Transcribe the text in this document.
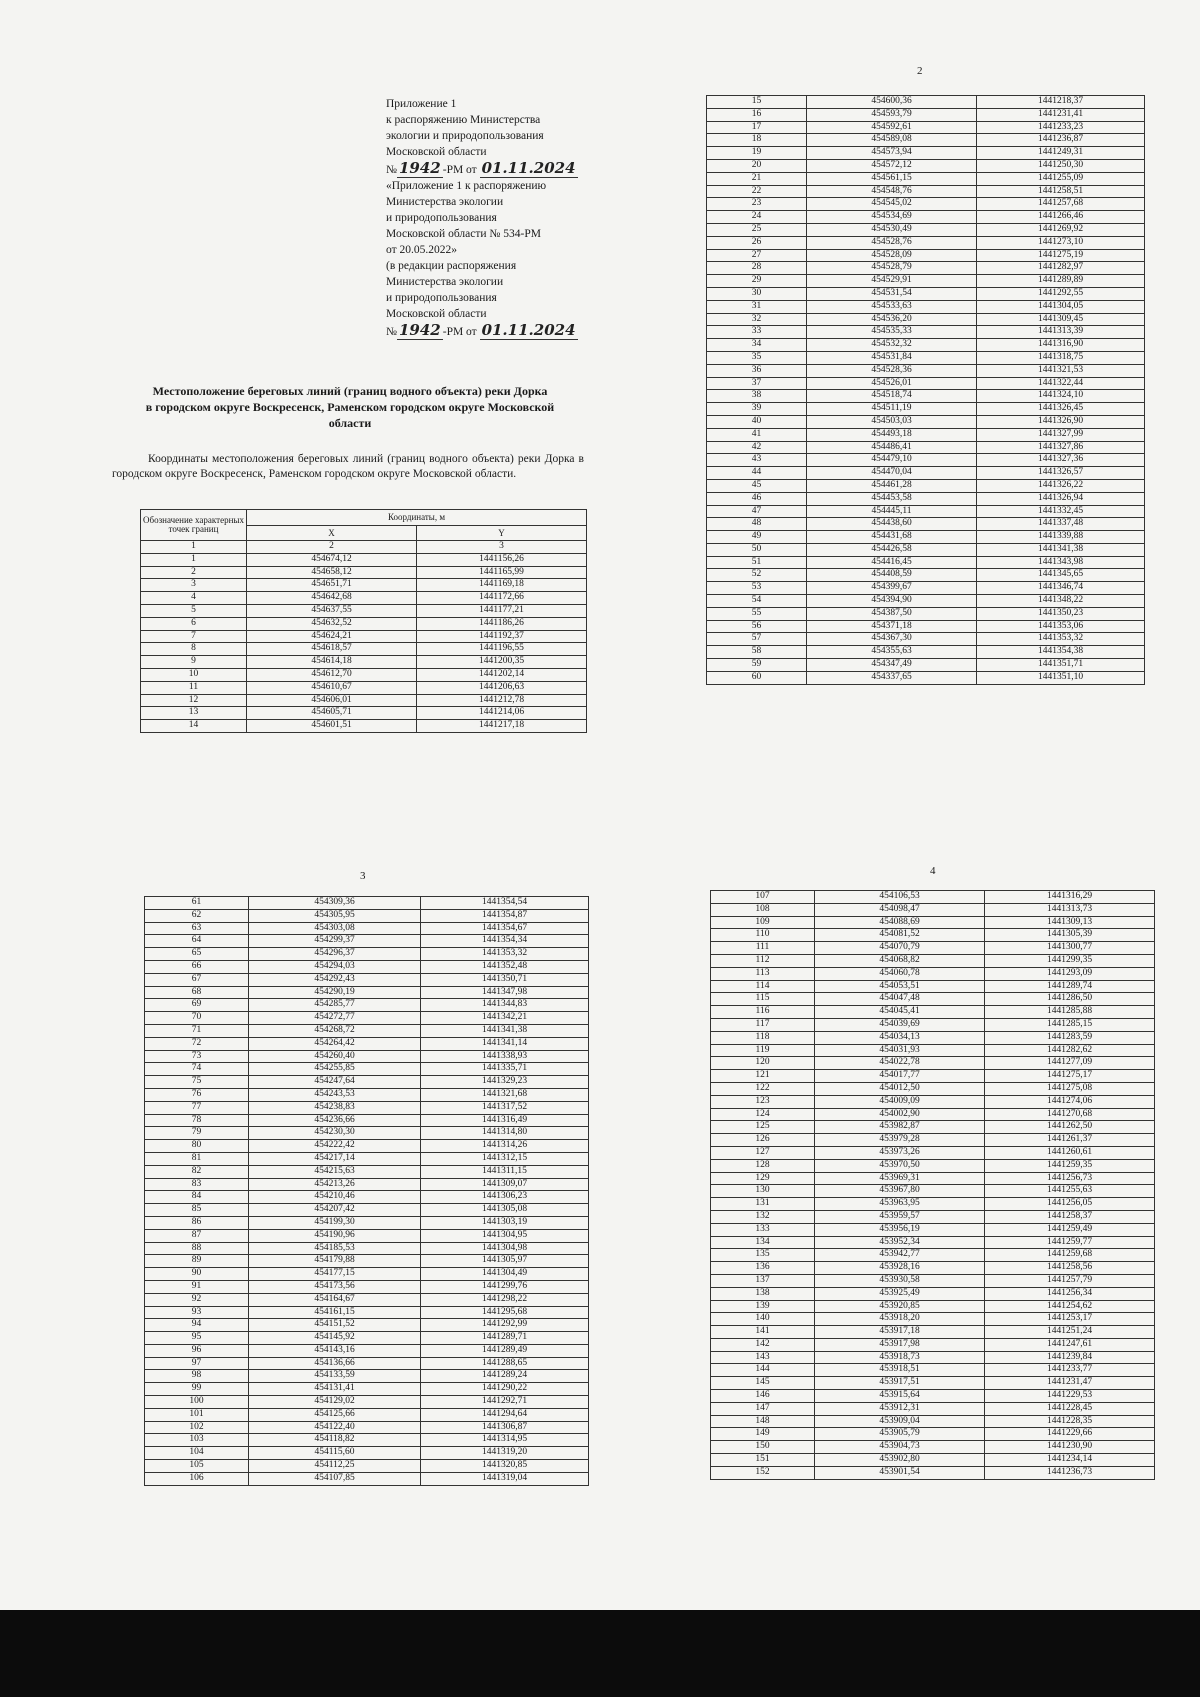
Приложение 1
к распоряжению Министерства
экологии и природопользования
Московской области
№ 1942 -РМ от 01.11.2024
«Приложение 1 к распоряжению
Министерства экологии
и природопользования
Московской области № 534-РМ
от 20.05.2022»
(в редакции распоряжения
Министерства экологии
и природопользования
Московской области
№ 1942 -РМ от 01.11.2024
Местоположение береговых линий (границ водного объекта) реки Дорка
в городском округе Воскресенск, Раменском городском округе Московской
области
Координаты местоположения береговых линий (границ водного объекта) реки Дорка в городском округе Воскресенск, Раменском городском округе Московской области.
Обозначение характерных точек границ	Координаты, м	
	X	Y
1	2	3
1	454674,12	1441156,26
2	454658,12	1441165,99
3	454651,71	1441169,18
4	454642,68	1441172,66
5	454637,55	1441177,21
6	454632,52	1441186,26
7	454624,21	1441192,37
8	454618,57	1441196,55
9	454614,18	1441200,35
10	454612,70	1441202,14
11	454610,67	1441206,63
12	454606,01	1441212,78
13	454605,71	1441214,06
14	454601,51	1441217,18
2
15	454600,36	1441218,37
16	454593,79	1441231,41
17	454592,61	1441233,23
18	454589,08	1441236,87
19	454573,94	1441249,31
20	454572,12	1441250,30
21	454561,15	1441255,09
22	454548,76	1441258,51
23	454545,02	1441257,68
24	454534,69	1441266,46
25	454530,49	1441269,92
26	454528,76	1441273,10
27	454528,09	1441275,19
28	454528,79	1441282,97
29	454529,91	1441289,89
30	454531,54	1441292,55
31	454533,63	1441304,05
32	454536,20	1441309,45
33	454535,33	1441313,39
34	454532,32	1441316,90
35	454531,84	1441318,75
36	454528,36	1441321,53
37	454526,01	1441322,44
38	454518,74	1441324,10
39	454511,19	1441326,45
40	454503,03	1441326,90
41	454493,18	1441327,99
42	454486,41	1441327,86
43	454479,10	1441327,36
44	454470,04	1441326,57
45	454461,28	1441326,22
46	454453,58	1441326,94
47	454445,11	1441332,45
48	454438,60	1441337,48
49	454431,68	1441339,88
50	454426,58	1441341,38
51	454416,45	1441343,98
52	454408,59	1441345,65
53	454399,67	1441346,74
54	454394,90	1441348,22
55	454387,50	1441350,23
56	454371,18	1441353,06
57	454367,30	1441353,32
58	454355,63	1441354,38
59	454347,49	1441351,71
60	454337,65	1441351,10
3
61	454309,36	1441354,54
62	454305,95	1441354,87
63	454303,08	1441354,67
64	454299,37	1441354,34
65	454296,37	1441353,32
66	454294,03	1441352,48
67	454292,43	1441350,71
68	454290,19	1441347,98
69	454285,77	1441344,83
70	454272,77	1441342,21
71	454268,72	1441341,38
72	454264,42	1441341,14
73	454260,40	1441338,93
74	454255,85	1441335,71
75	454247,64	1441329,23
76	454243,53	1441321,68
77	454238,83	1441317,52
78	454236,66	1441316,49
79	454230,30	1441314,80
80	454222,42	1441314,26
81	454217,14	1441312,15
82	454215,63	1441311,15
83	454213,26	1441309,07
84	454210,46	1441306,23
85	454207,42	1441305,08
86	454199,30	1441303,19
87	454190,96	1441304,95
88	454185,53	1441304,98
89	454179,88	1441305,97
90	454177,15	1441304,49
91	454173,56	1441299,76
92	454164,67	1441298,22
93	454161,15	1441295,68
94	454151,52	1441292,99
95	454145,92	1441289,71
96	454143,16	1441289,49
97	454136,66	1441288,65
98	454133,59	1441289,24
99	454131,41	1441290,22
100	454129,02	1441292,71
101	454125,66	1441294,64
102	454122,40	1441306,87
103	454118,82	1441314,95
104	454115,60	1441319,20
105	454112,25	1441320,85
106	454107,85	1441319,04
4
107	454106,53	1441316,29
108	454098,47	1441313,73
109	454088,69	1441309,13
110	454081,52	1441305,39
111	454070,79	1441300,77
112	454068,82	1441299,35
113	454060,78	1441293,09
114	454053,51	1441289,74
115	454047,48	1441286,50
116	454045,41	1441285,88
117	454039,69	1441285,15
118	454034,13	1441283,59
119	454031,93	1441282,62
120	454022,78	1441277,09
121	454017,77	1441275,17
122	454012,50	1441275,08
123	454009,09	1441274,06
124	454002,90	1441270,68
125	453982,87	1441262,50
126	453979,28	1441261,37
127	453973,26	1441260,61
128	453970,50	1441259,35
129	453969,31	1441256,73
130	453967,80	1441255,63
131	453963,95	1441256,05
132	453959,57	1441258,37
133	453956,19	1441259,49
134	453952,34	1441259,77
135	453942,77	1441259,68
136	453928,16	1441258,56
137	453930,58	1441257,79
138	453925,49	1441256,34
139	453920,85	1441254,62
140	453918,20	1441253,17
141	453917,18	1441251,24
142	453917,98	1441247,61
143	453918,73	1441239,84
144	453918,51	1441233,77
145	453917,51	1441231,47
146	453915,64	1441229,53
147	453912,31	1441228,45
148	453909,04	1441228,35
149	453905,79	1441229,66
150	453904,73	1441230,90
151	453902,80	1441234,14
152	453901,54	1441236,73
